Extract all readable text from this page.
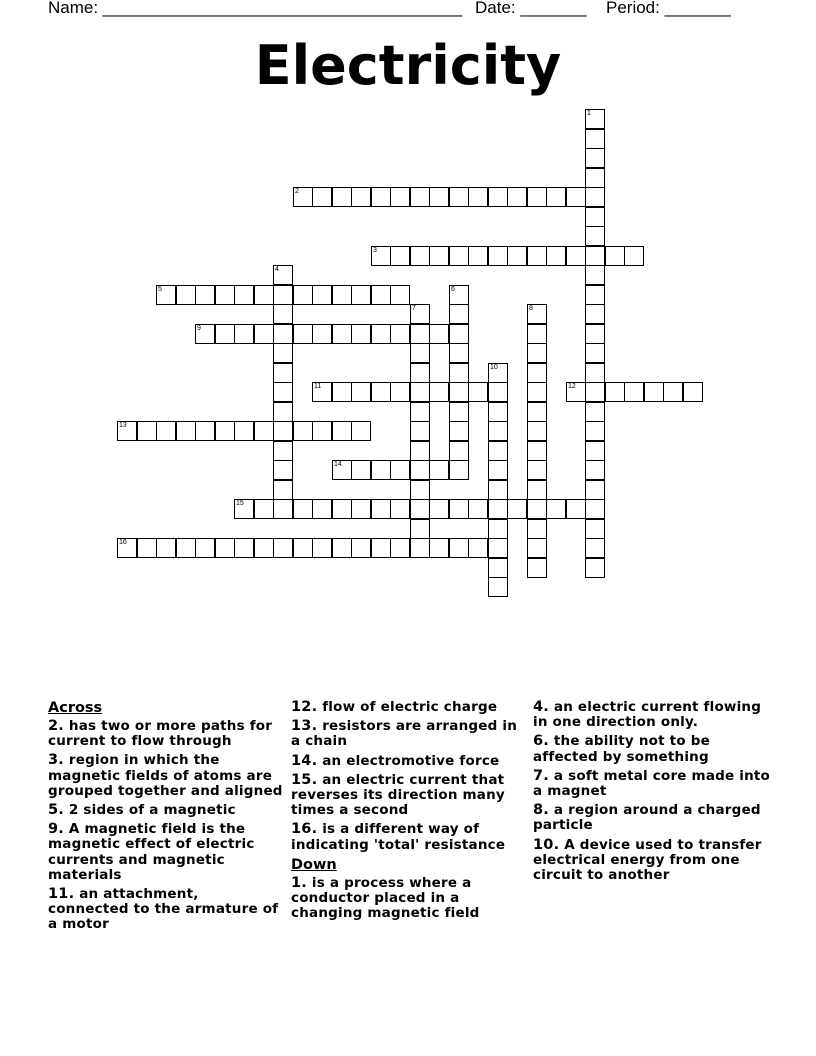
Name: ______________________________________ Date: _______ Period: _______
Electricity
1
2
3
4
5	6
7	8
9
10
11	12
13
14
15
16
Across
2. has two or more paths for current to flow through
3. region in which the magnetic fields of atoms are grouped together and aligned
5. 2 sides of a magnetic
9. A magnetic field is the magnetic effect of electric currents and magnetic materials
11. an attachment, connected to the armature of a motor
12. flow of electric charge
13. resistors are arranged in a chain
14. an electromotive force
15. an electric current that reverses its direction many times a second
16. is a different way of indicating 'total' resistance
Down
1. is a process where a conductor placed in a changing magnetic field
4. an electric current flowing in one direction only.
6. the ability not to be affected by something
7. a soft metal core made into a magnet
8. a region around a charged particle
10. A device used to transfer electrical energy from one circuit to another
